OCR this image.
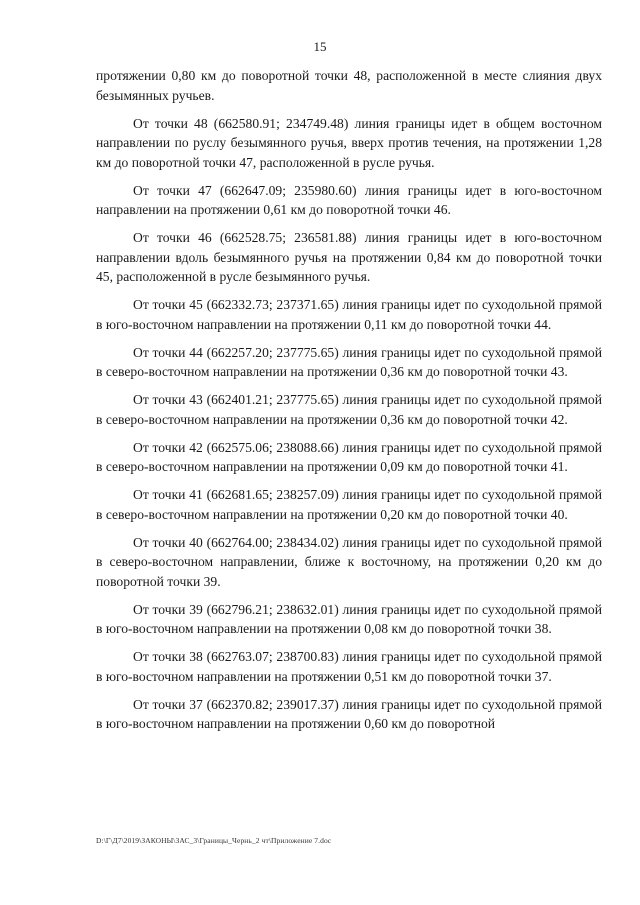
15

протяжении 0,80 км до поворотной точки 48, расположенной в месте слияния двух безымянных ручьев.

От точки 48 (662580.91; 234749.48) линия границы идет в общем восточном направлении по руслу безымянного ручья, вверх против течения, на протяжении 1,28 км до поворотной точки 47, расположенной в русле ручья.

От точки 47 (662647.09; 235980.60) линия границы идет в юго-восточном направлении на протяжении 0,61 км до поворотной точки 46.

От точки 46 (662528.75; 236581.88) линия границы идет в юго-восточном направлении вдоль безымянного ручья на протяжении 0,84 км до поворотной точки 45, расположенной в русле безымянного ручья.

От точки 45 (662332.73; 237371.65) линия границы идет по суходольной прямой в юго-восточном направлении на протяжении 0,11 км до поворотной точки 44.

От точки 44 (662257.20; 237775.65) линия границы идет по суходольной прямой в северо-восточном направлении на протяжении 0,36 км до поворотной точки 43.

От точки 43 (662401.21; 237775.65) линия границы идет по суходольной прямой в северо-восточном направлении на протяжении 0,36 км до поворотной точки 42.

От точки 42 (662575.06; 238088.66) линия границы идет по суходольной прямой в северо-восточном направлении на протяжении 0,09 км до поворотной точки 41.

От точки 41 (662681.65; 238257.09) линия границы идет по суходольной прямой в северо-восточном направлении на протяжении 0,20 км до поворотной точки 40.

От точки 40 (662764.00; 238434.02) линия границы идет по суходольной прямой в северо-восточном направлении, ближе к восточному, на протяжении 0,20 км до поворотной точки 39.

От точки 39 (662796.21; 238632.01) линия границы идет по суходольной прямой в юго-восточном направлении на протяжении 0,08 км до поворотной точки 38.

От точки 38 (662763.07; 238700.83) линия границы идет по суходольной прямой в юго-восточном направлении на протяжении 0,51 км до поворотной точки 37.

От точки 37 (662370.82; 239017.37) линия границы идет по суходольной прямой в юго-восточном направлении на протяжении 0,60 км до поворотной

D:\Г\Д7\2019\ЗАКОНЫ\ЗАС_3\Границы_Чернь_2 чт\Приложение 7.doc
